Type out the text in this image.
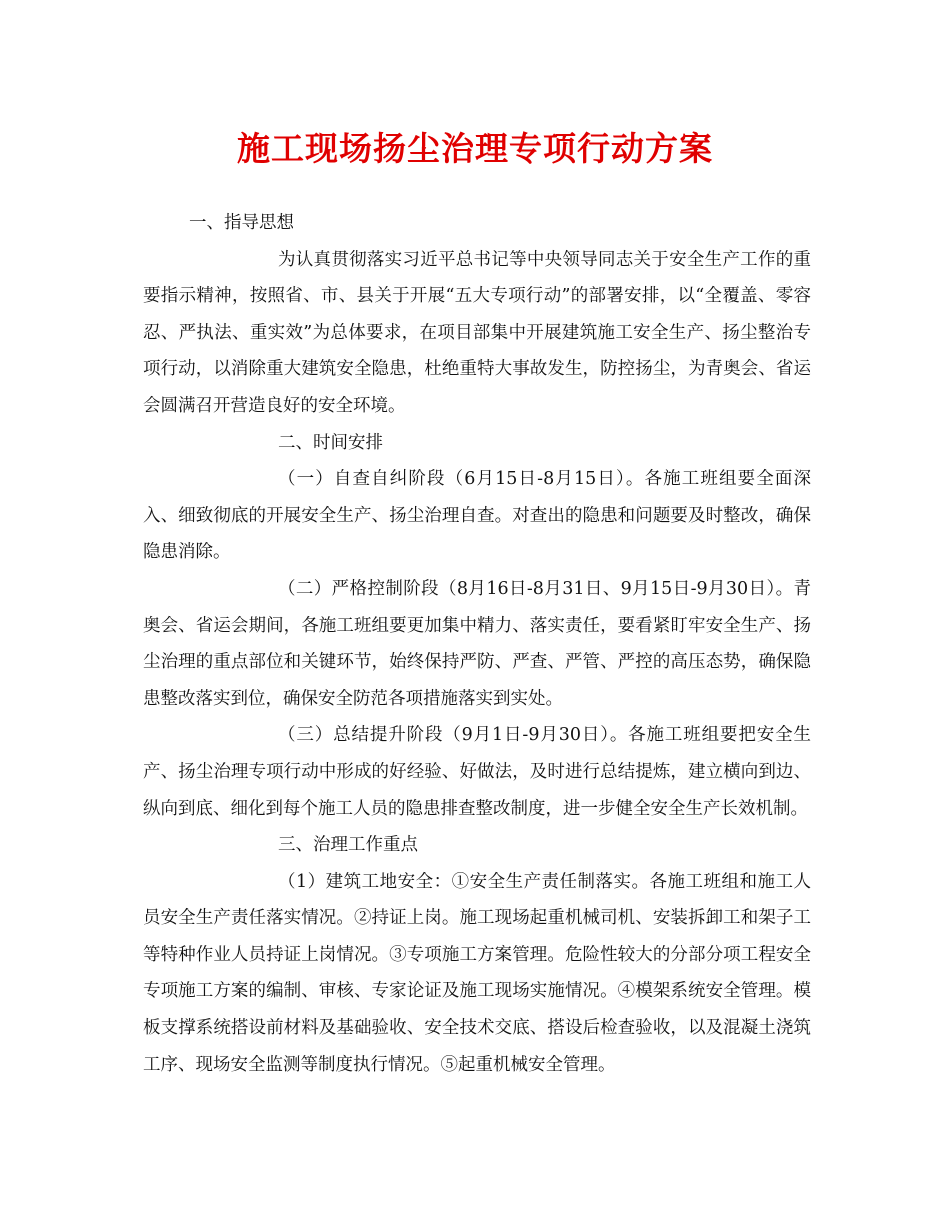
施工现场扬尘治理专项行动方案

一、指导思想

为认真贯彻落实习近平总书记等中央领导同志关于安全生产工作的重要指示精神，按照省、市、县关于开展“五大专项行动”的部署安排，以“全覆盖、零容忍、严执法、重实效”为总体要求，在项目部集中开展建筑施工安全生产、扬尘整治专项行动，以消除重大建筑安全隐患，杜绝重特大事故发生，防控扬尘，为青奥会、省运会圆满召开营造良好的安全环境。

二、时间安排

（一）自查自纠阶段（6月15日-8月15日）。各施工班组要全面深入、细致彻底的开展安全生产、扬尘治理自查。对查出的隐患和问题要及时整改，确保隐患消除。

（二）严格控制阶段（8月16日-8月31日、9月15日-9月30日）。青奥会、省运会期间，各施工班组要更加集中精力、落实责任，要看紧盯牢安全生产、扬尘治理的重点部位和关键环节，始终保持严防、严查、严管、严控的高压态势，确保隐患整改落实到位，确保安全防范各项措施落实到实处。

（三）总结提升阶段（9月1日-9月30日）。各施工班组要把安全生产、扬尘治理专项行动中形成的好经验、好做法，及时进行总结提炼，建立横向到边、纵向到底、细化到每个施工人员的隐患排查整改制度，进一步健全安全生产长效机制。

三、治理工作重点

（1）建筑工地安全：①安全生产责任制落实。各施工班组和施工人员安全生产责任落实情况。②持证上岗。施工现场起重机械司机、安装拆卸工和架子工等特种作业人员持证上岗情况。③专项施工方案管理。危险性较大的分部分项工程安全专项施工方案的编制、审核、专家论证及施工现场实施情况。④模架系统安全管理。模板支撑系统搭设前材料及基础验收、安全技术交底、搭设后检查验收，以及混凝土浇筑工序、现场安全监测等制度执行情况。⑤起重机械安全管理。
